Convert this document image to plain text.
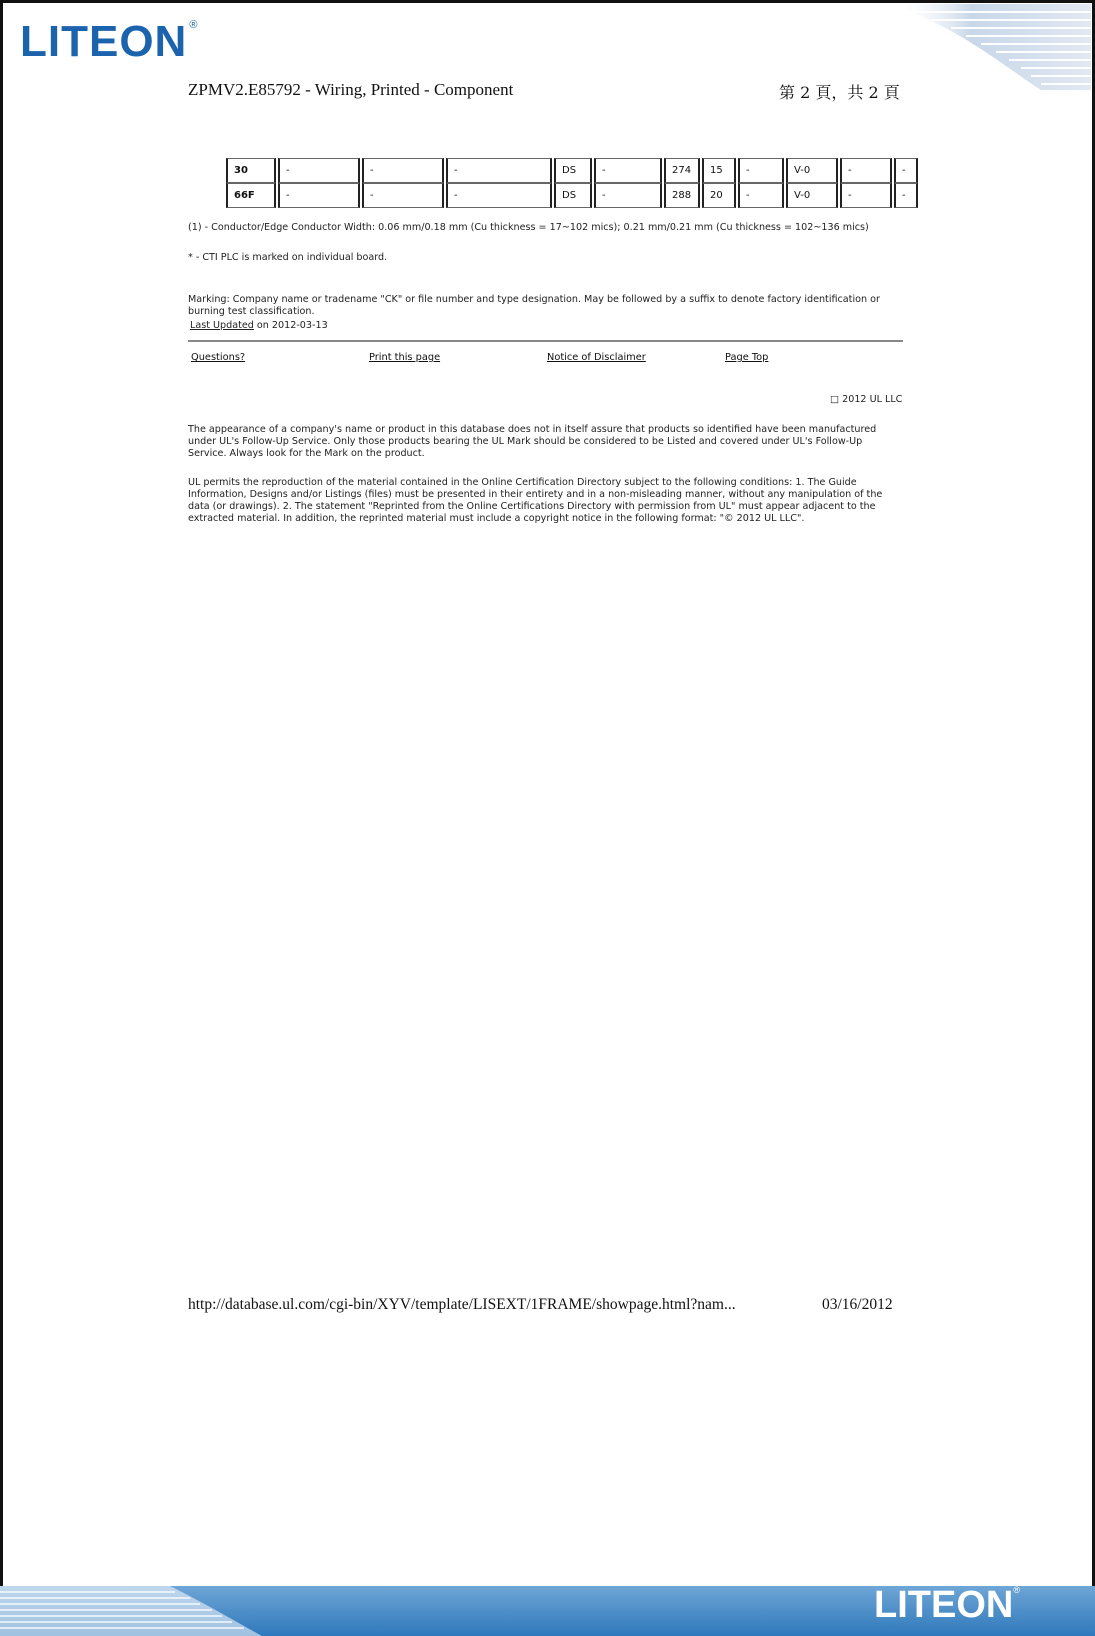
LITEON ®
ZPMV2.E85792 - Wiring, Printed - Component	第 2 頁，共 2 頁
30	-	-	-	DS	-	274	15	-	V-0	-	-
66F	-	-	-	DS	-	288	20	-	V-0	-	-
(1) - Conductor/Edge Conductor Width: 0.06 mm/0.18 mm (Cu thickness = 17~102 mics); 0.21 mm/0.21 mm (Cu thickness = 102~136 mics)
* - CTI PLC is marked on individual board.
Marking: Company name or tradename "CK" or file number and type designation. May be followed by a suffix to denote factory identification or burning test classification.
Last Updated on 2012-03-13
Questions?	Print this page	Notice of Disclaimer	Page Top
□ 2012 UL LLC
The appearance of a company's name or product in this database does not in itself assure that products so identified have been manufactured under UL's Follow-Up Service. Only those products bearing the UL Mark should be considered to be Listed and covered under UL's Follow-Up Service. Always look for the Mark on the product.
UL permits the reproduction of the material contained in the Online Certification Directory subject to the following conditions: 1. The Guide Information, Designs and/or Listings (files) must be presented in their entirety and in a non-misleading manner, without any manipulation of the data (or drawings). 2. The statement "Reprinted from the Online Certifications Directory with permission from UL" must appear adjacent to the extracted material. In addition, the reprinted material must include a copyright notice in the following format: "© 2012 UL LLC".
http://database.ul.com/cgi-bin/XYV/template/LISEXT/1FRAME/showpage.html?nam...	03/16/2012
LITEON®
